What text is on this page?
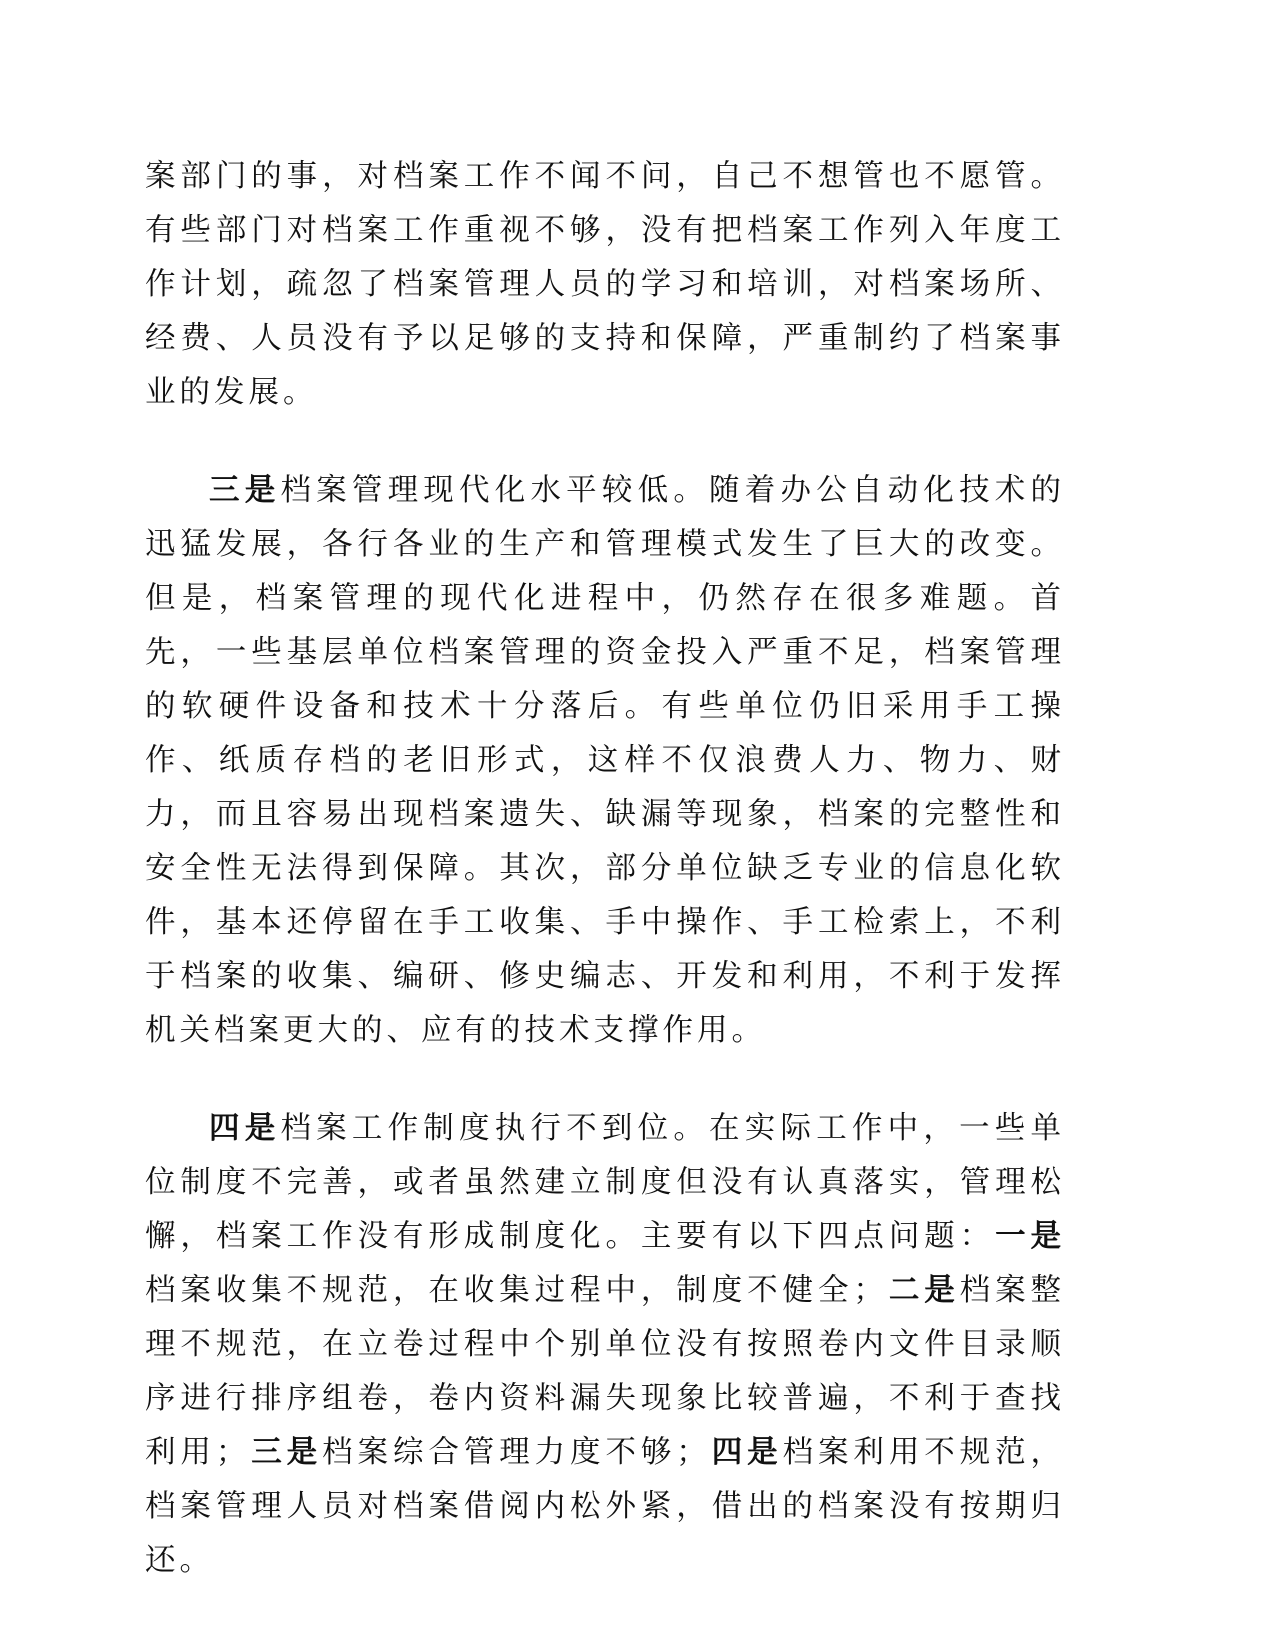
案部门的事，对档案工作不闻不问，自己不想管也不愿管。有些部门对档案工作重视不够，没有把档案工作列入年度工作计划，疏忽了档案管理人员的学习和培训，对档案场所、经费、人员没有予以足够的支持和保障，严重制约了档案事业的发展。

三是档案管理现代化水平较低。随着办公自动化技术的迅猛发展，各行各业的生产和管理模式发生了巨大的改变。但是，档案管理的现代化进程中，仍然存在很多难题。首先，一些基层单位档案管理的资金投入严重不足，档案管理的软硬件设备和技术十分落后。有些单位仍旧采用手工操作、纸质存档的老旧形式，这样不仅浪费人力、物力、财力，而且容易出现档案遗失、缺漏等现象，档案的完整性和安全性无法得到保障。其次，部分单位缺乏专业的信息化软件，基本还停留在手工收集、手中操作、手工检索上，不利于档案的收集、编研、修史编志、开发和利用，不利于发挥机关档案更大的、应有的技术支撑作用。

四是档案工作制度执行不到位。在实际工作中，一些单位制度不完善，或者虽然建立制度但没有认真落实，管理松懈，档案工作没有形成制度化。主要有以下四点问题：一是档案收集不规范，在收集过程中，制度不健全；二是档案整理不规范，在立卷过程中个别单位没有按照卷内文件目录顺序进行排序组卷，卷内资料漏失现象比较普遍，不利于查找利用；三是档案综合管理力度不够；四是档案利用不规范，档案管理人员对档案借阅内松外紧，借出的档案没有按期归还。
